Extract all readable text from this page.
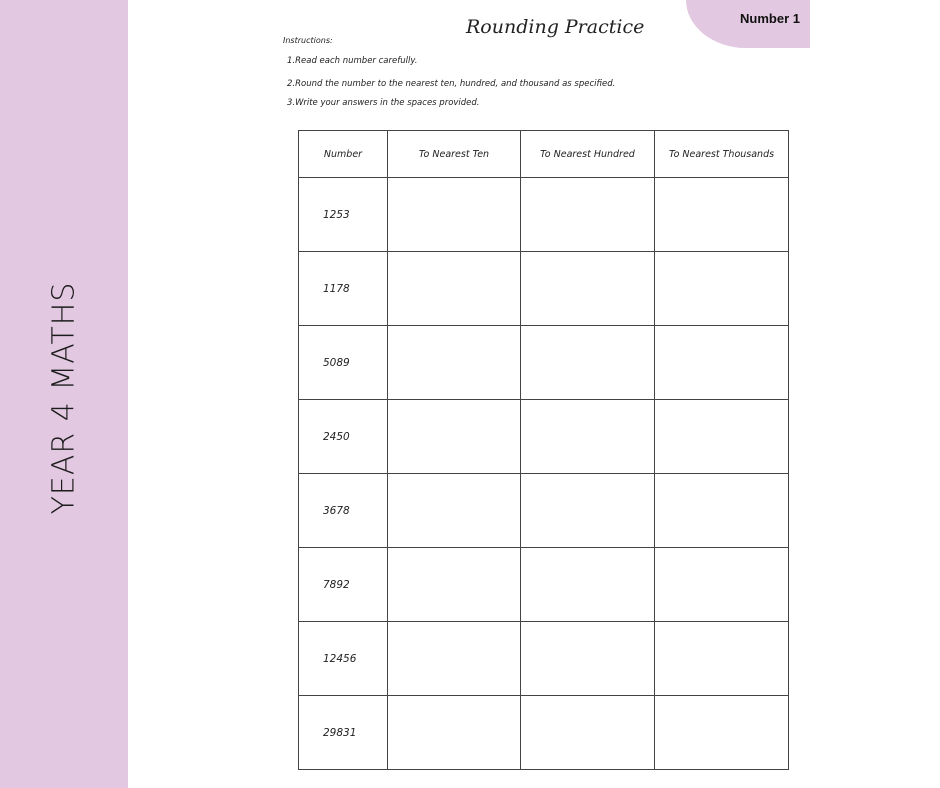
YEAR 4 MATHS
Number 1
Rounding Practice
Instructions:
1.Read each number carefully.
2.Round the number to the nearest ten, hundred, and thousand as specified.
3.Write your answers in the spaces provided.
Number	To Nearest Ten	To Nearest Hundred	To Nearest Thousands
1253			
1178			
5089			
2450			
3678			
7892			
12456			
29831			
